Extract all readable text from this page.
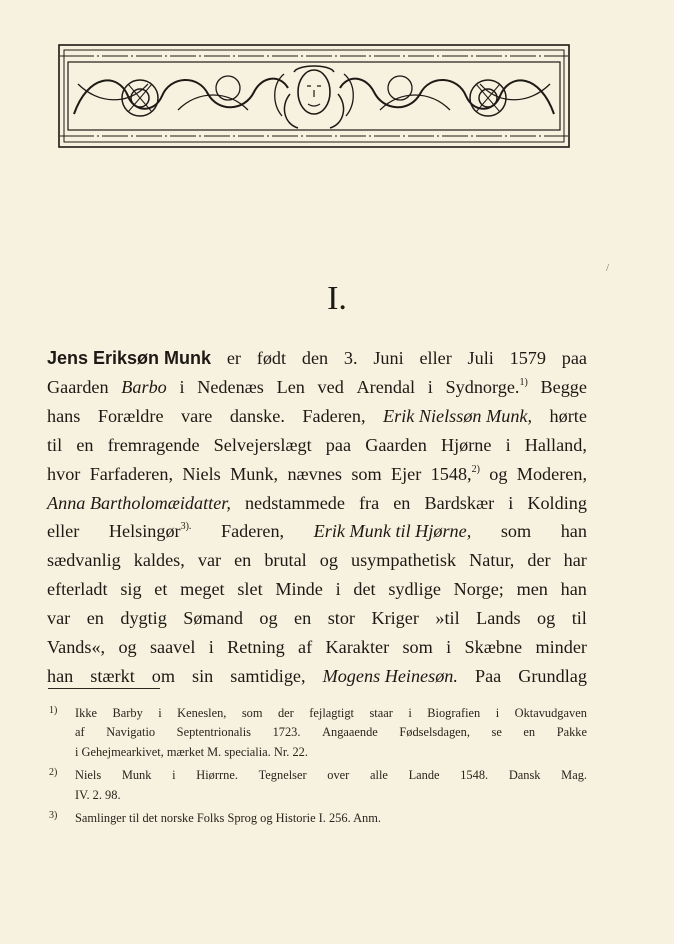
/
I.
Jens Eriksøn Munk er født den 3. Juni eller Juli 1579 paa
Gaarden Barbo i Nedenæs Len ved Arendal i Sydnorge.$^{1)}$ Begge
hans Forældre vare danske. Faderen, Erik Nielssøn Munk, hørte
til en fremragende Selvejerslægt paa Gaarden Hjørne i Halland,
hvor Farfaderen, Niels Munk, nævnes som Ejer 1548,$^{2)}$ og Moderen,
Anna Bartholomæidatter, nedstammede fra en Bardskær i Kolding
eller Helsingør$^{3).}$ Faderen, Erik Munk til Hjørne, som han
sædvanlig kaldes, var en brutal og usympathetisk Natur, der har
efterladt sig et meget slet Minde i det sydlige Norge; men han
var en dygtig Sømand og en stor Kriger »til Lands og til
Vands«, og saavel i Retning af Karakter som i Skæbne minder
han stærkt om sin samtidige, Mogens Heinesøn. Paa Grundlag
1) Ikke Barby i Keneslen, som der fejlagtigt staar i Biografien i Oktavudgaven
af Navigatio Septentrionalis 1723. Angaaende Fødselsdagen, se en Pakke
i Gehejmearkivet, mærket M. specialia. Nr. 22.
2) Niels Munk i Hiørrne. Tegnelser over alle Lande 1548. Dansk Mag.
IV. 2. 98.
3) Samlinger til det norske Folks Sprog og Historie I. 256. Anm.
